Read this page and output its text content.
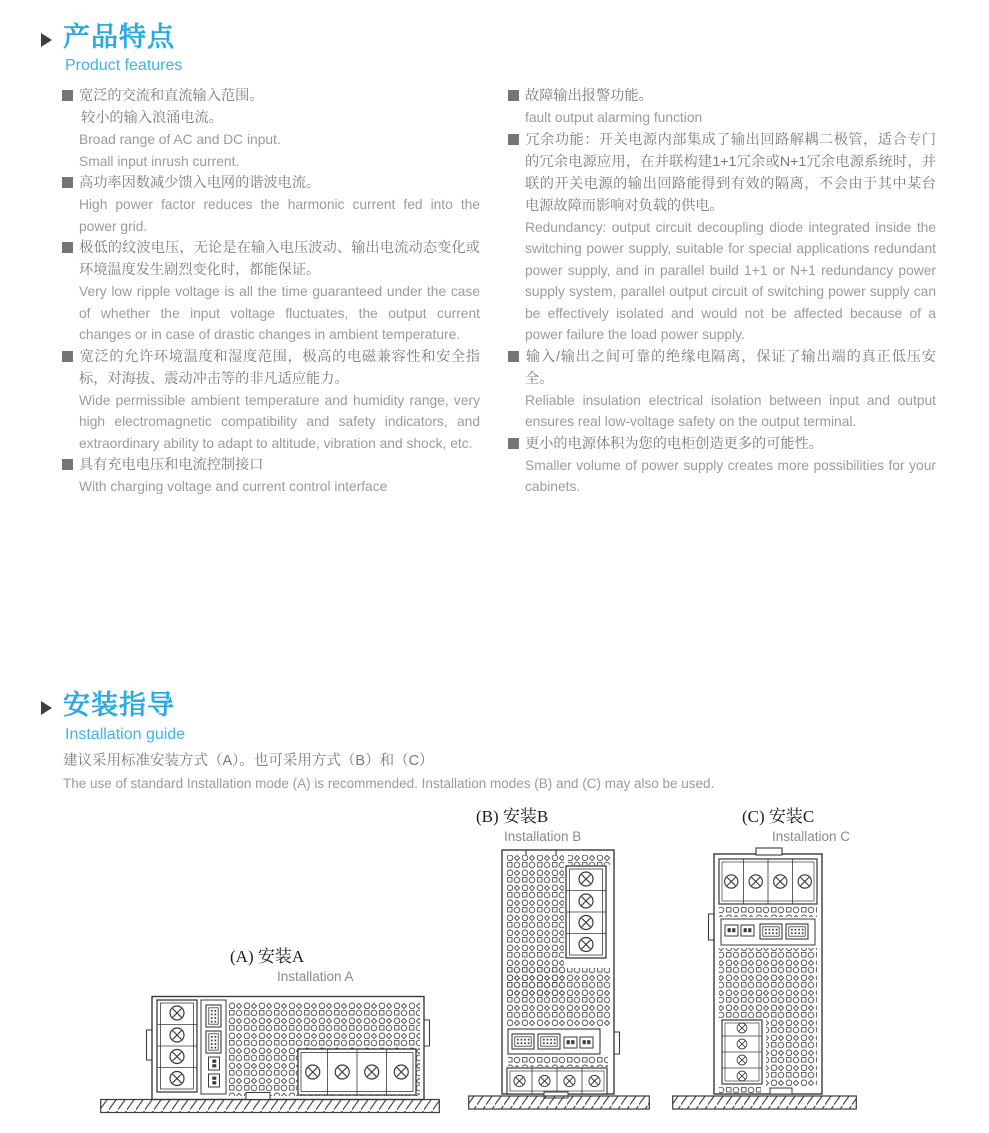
产品特点
Product features

宽泛的交流和直流输入范围。

较小的输入浪涌电流。

Broad range of AC and DC input.

Small input inrush current.

高功率因数减少馈入电网的谐波电流。

High power factor reduces the harmonic current fed into the power grid.

极低的纹波电压，无论是在输入电压波动、输出电流动态变化或环境温度发生剧烈变化时，都能保证。

Very low ripple voltage is all the time guaranteed under the case of whether the input voltage fluctuates, the output current changes or in case of drastic changes in ambient temperature.

宽泛的允许环境温度和湿度范围，极高的电磁兼容性和安全指标，对海拔、震动冲击等的非凡适应能力。

Wide permissible ambient temperature and humidity range, very high electromagnetic compatibility and safety indicators, and extraordinary ability to adapt to altitude, vibration and shock, etc.

具有充电电压和电流控制接口

With charging voltage and current control interface

故障输出报警功能。

fault output alarming function

冗余功能：开关电源内部集成了输出回路解耦二极管，适合专门的冗余电源应用，在并联构建1+1冗余或N+1冗余电源系统时，并联的开关电源的输出回路能得到有效的隔离，不会由于其中某台电源故障而影响对负载的供电。

Redundancy: output circuit decoupling diode integrated inside the switching power supply, suitable for special applications redundant power supply, and in parallel build 1+1 or N+1 redundancy power supply system, parallel output circuit of switching power supply can be effectively isolated and would not be affected because of a power failure the load power supply.

输入/输出之间可靠的绝缘电隔离，保证了输出端的真正低压安全。

Reliable insulation electrical isolation between input and output ensures real low-voltage safety on the output terminal.

更小的电源体积为您的电柜创造更多的可能性。

Smaller volume of power supply creates more possibilities for your cabinets.

安装指导
Installation guide
建议采用标准安装方式（A）。也可采用方式（B）和（C）
The use of standard Installation mode (A) is recommended. Installation modes (B) and (C) may also be used.
(A) 安装A
Installation A
(B) 安装B
Installation B
(C) 安装C
Installation C
